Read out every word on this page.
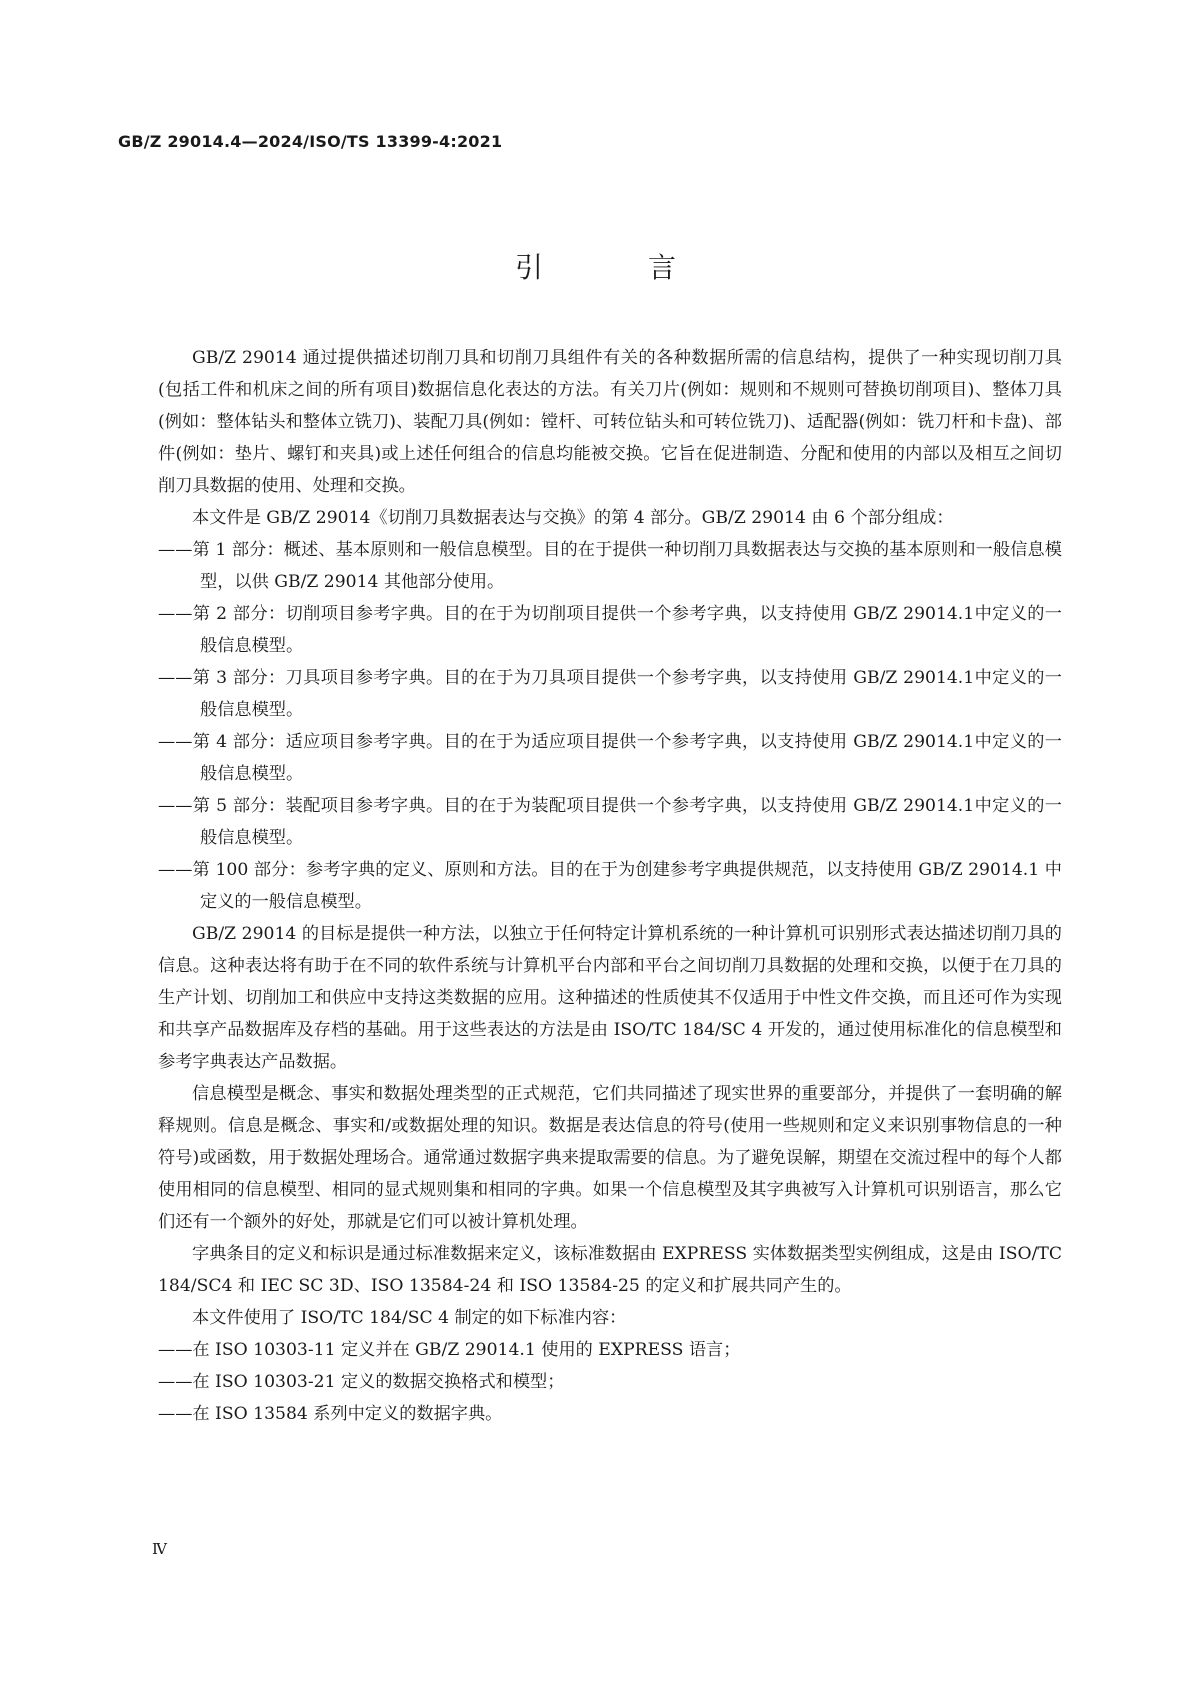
GB/Z 29014.4—2024/ISO/TS 13399-4:2021
引 言

GB/Z 29014 通过提供描述切削刀具和切削刀具组件有关的各种数据所需的信息结构，提供了一种实现切削刀具(包括工件和机床之间的所有项目)数据信息化表达的方法。有关刀片(例如：规则和不规则可替换切削项目)、整体刀具(例如：整体钻头和整体立铣刀)、装配刀具(例如：镗杆、可转位钻头和可转位铣刀)、适配器(例如：铣刀杆和卡盘)、部件(例如：垫片、螺钉和夹具)或上述任何组合的信息均能被交换。它旨在促进制造、分配和使用的内部以及相互之间切削刀具数据的使用、处理和交换。

本文件是 GB/Z 29014《切削刀具数据表达与交换》的第 4 部分。GB/Z 29014 由 6 个部分组成：

——第 1 部分：概述、基本原则和一般信息模型。目的在于提供一种切削刀具数据表达与交换的基本原则和一般信息模型，以供 GB/Z 29014 其他部分使用。

——第 2 部分：切削项目参考字典。目的在于为切削项目提供一个参考字典，以支持使用 GB/Z 29014.1中定义的一般信息模型。

——第 3 部分：刀具项目参考字典。目的在于为刀具项目提供一个参考字典，以支持使用 GB/Z 29014.1中定义的一般信息模型。

——第 4 部分：适应项目参考字典。目的在于为适应项目提供一个参考字典，以支持使用 GB/Z 29014.1中定义的一般信息模型。

——第 5 部分：装配项目参考字典。目的在于为装配项目提供一个参考字典，以支持使用 GB/Z 29014.1中定义的一般信息模型。

——第 100 部分：参考字典的定义、原则和方法。目的在于为创建参考字典提供规范，以支持使用 GB/Z 29014.1 中定义的一般信息模型。

GB/Z 29014 的目标是提供一种方法，以独立于任何特定计算机系统的一种计算机可识别形式表达描述切削刀具的信息。这种表达将有助于在不同的软件系统与计算机平台内部和平台之间切削刀具数据的处理和交换，以便于在刀具的生产计划、切削加工和供应中支持这类数据的应用。这种描述的性质使其不仅适用于中性文件交换，而且还可作为实现和共享产品数据库及存档的基础。用于这些表达的方法是由 ISO/TC 184/SC 4 开发的，通过使用标准化的信息模型和参考字典表达产品数据。

信息模型是概念、事实和数据处理类型的正式规范，它们共同描述了现实世界的重要部分，并提供了一套明确的解释规则。信息是概念、事实和/或数据处理的知识。数据是表达信息的符号(使用一些规则和定义来识别事物信息的一种符号)或函数，用于数据处理场合。通常通过数据字典来提取需要的信息。为了避免误解，期望在交流过程中的每个人都使用相同的信息模型、相同的显式规则集和相同的字典。如果一个信息模型及其字典被写入计算机可识别语言，那么它们还有一个额外的好处，那就是它们可以被计算机处理。

字典条目的定义和标识是通过标准数据来定义，该标准数据由 EXPRESS 实体数据类型实例组成，这是由 ISO/TC 184/SC4 和 IEC SC 3D、ISO 13584-24 和 ISO 13584-25 的定义和扩展共同产生的。

本文件使用了 ISO/TC 184/SC 4 制定的如下标准内容：

——在 ISO 10303-11 定义并在 GB/Z 29014.1 使用的 EXPRESS 语言；

——在 ISO 10303-21 定义的数据交换格式和模型；

——在 ISO 13584 系列中定义的数据字典。

Ⅳ
